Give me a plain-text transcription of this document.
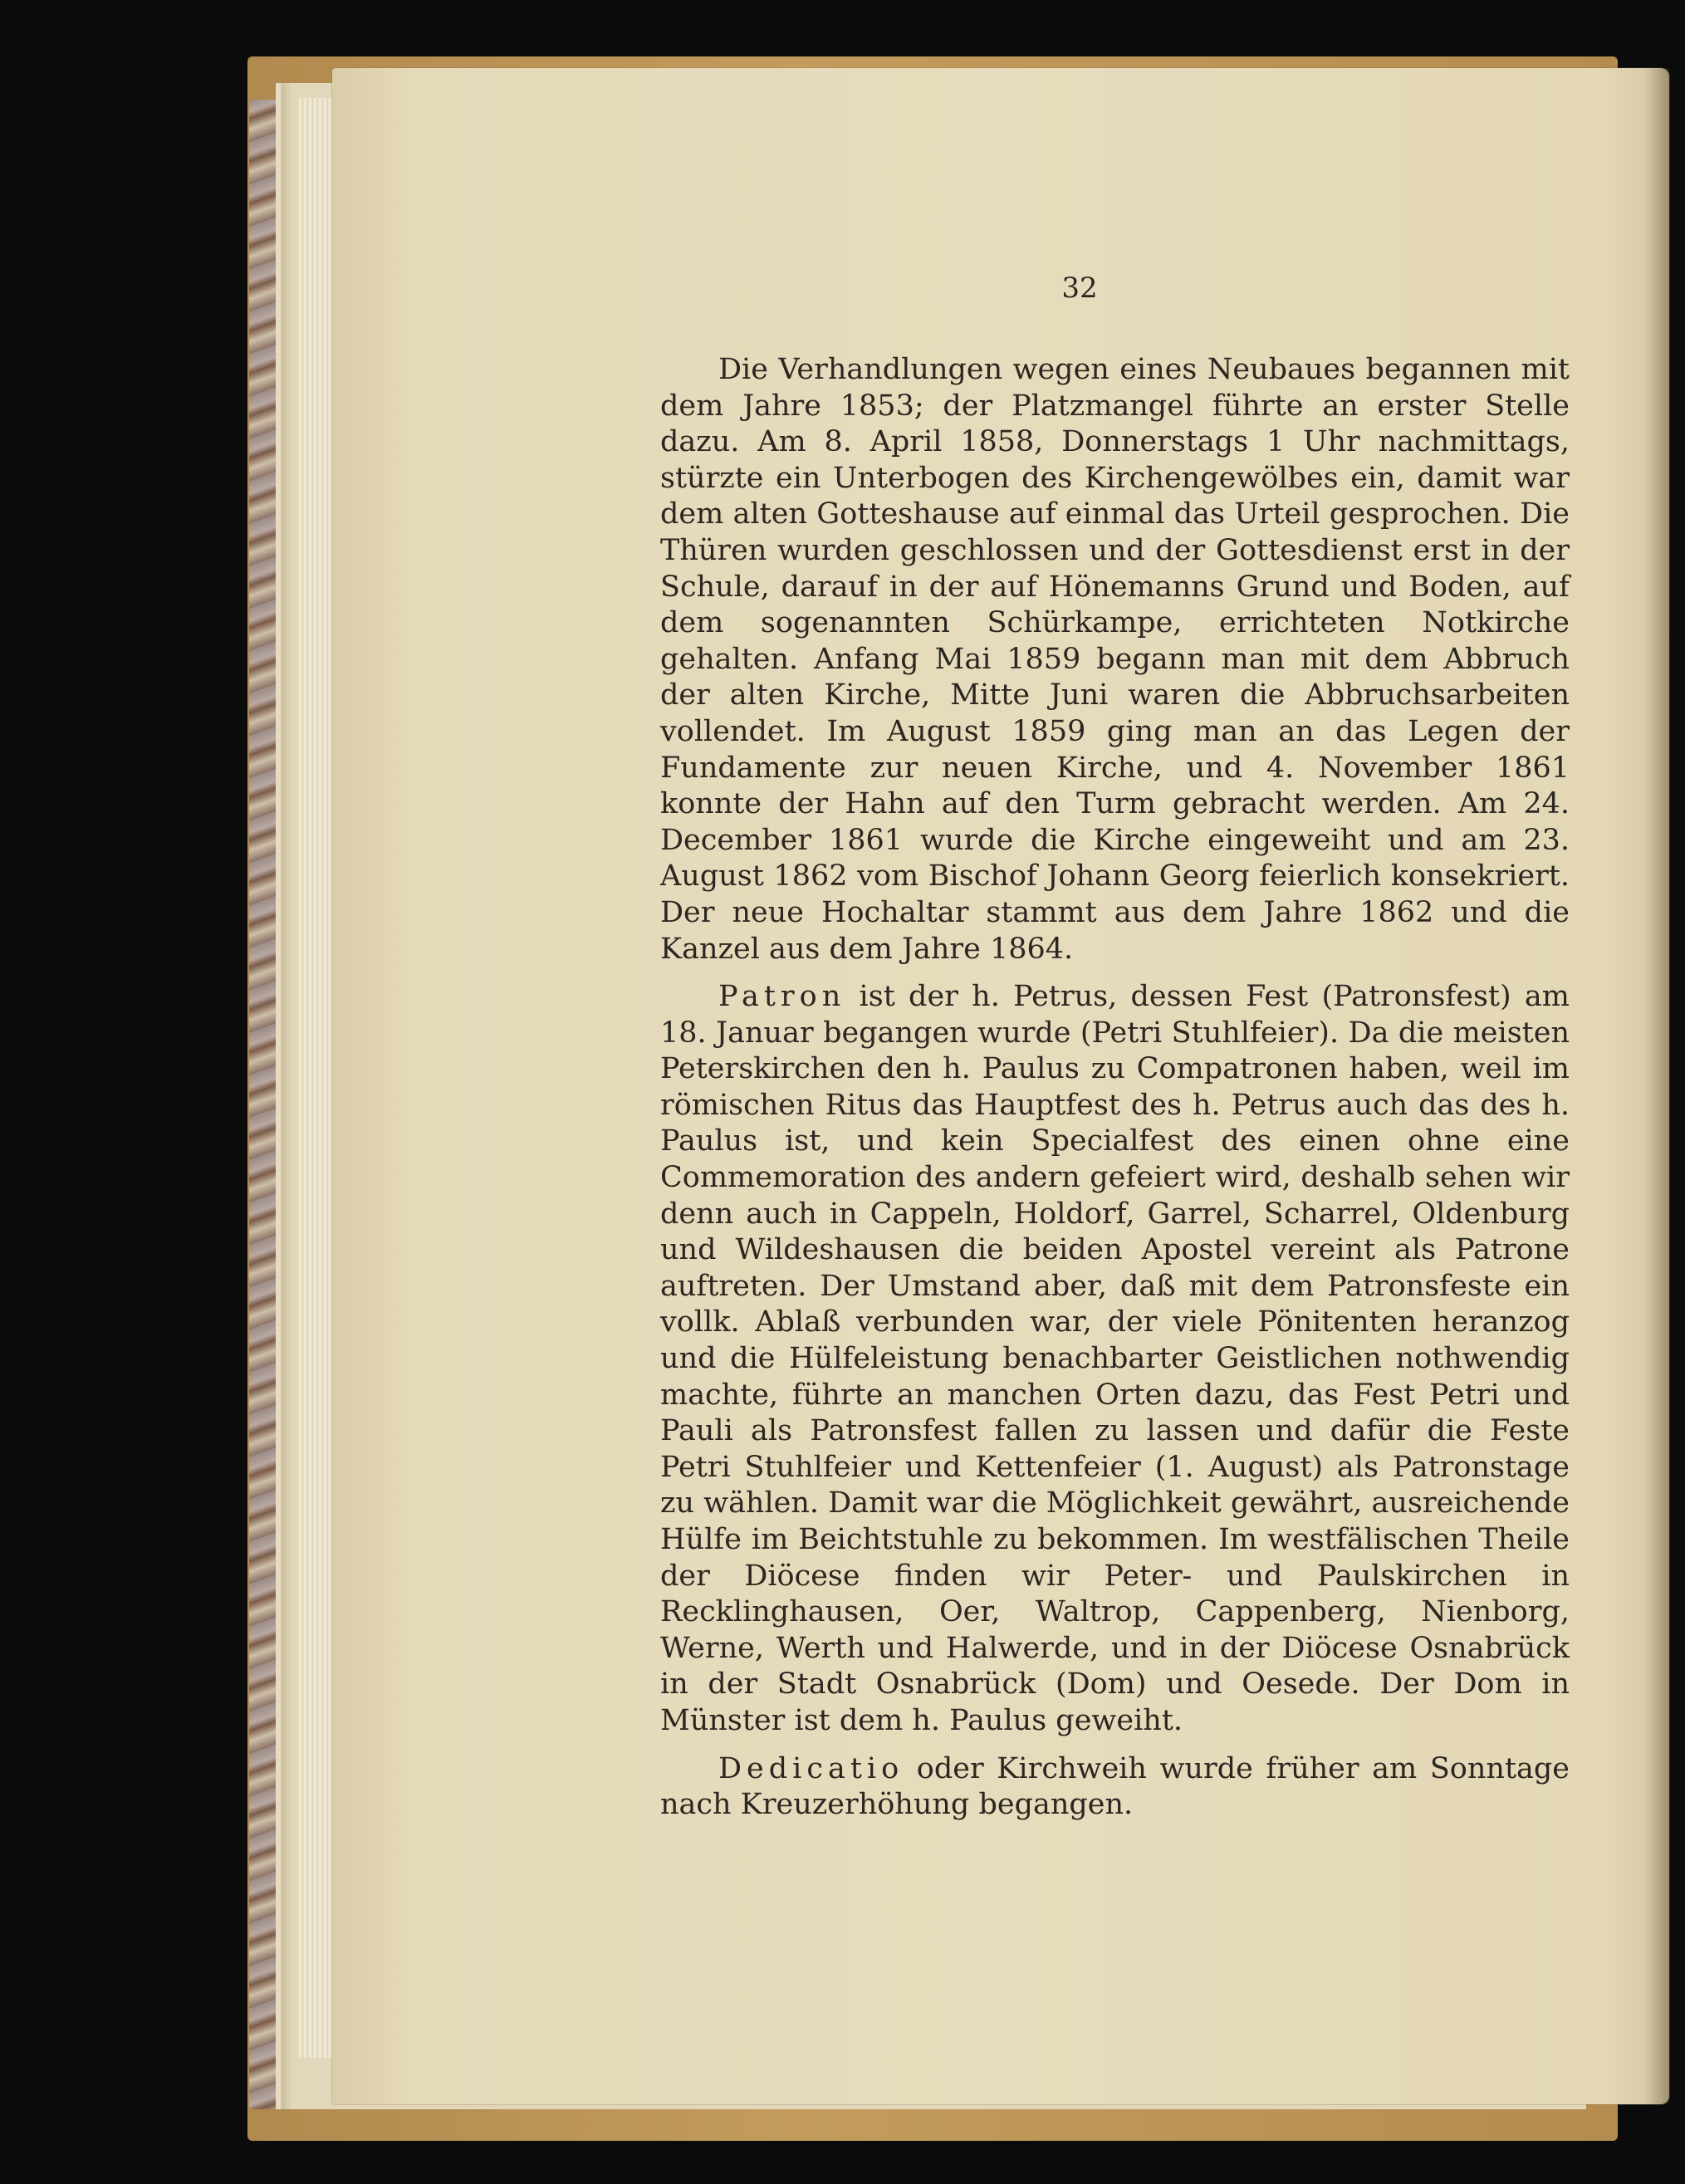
32

Die Verhandlungen wegen eines Neubaues begannen mit dem Jahre 1853; der Platzmangel führte an erster Stelle dazu. Am 8. April 1858, Donnerstags 1 Uhr nachmittags, stürzte ein Unterbogen des Kirchengewölbes ein, damit war dem alten Gotteshause auf einmal das Urteil gesprochen. Die Thüren wurden geschlossen und der Gottesdienst erst in der Schule, darauf in der auf Hönemanns Grund und Boden, auf dem sogenannten Schürkampe, errichteten Notkirche gehalten. Anfang Mai 1859 begann man mit dem Abbruch der alten Kirche, Mitte Juni waren die Abbruchsarbeiten vollendet. Im August 1859 ging man an das Legen der Fundamente zur neuen Kirche, und 4. November 1861 konnte der Hahn auf den Turm gebracht werden. Am 24. December 1861 wurde die Kirche eingeweiht und am 23. August 1862 vom Bischof Johann Georg feierlich konsekriert. Der neue Hochaltar stammt aus dem Jahre 1862 und die Kanzel aus dem Jahre 1864.

Patron ist der h. Petrus, dessen Fest (Patronsfest) am 18. Januar begangen wurde (Petri Stuhlfeier). Da die meisten Peterskirchen den h. Paulus zu Compatronen haben, weil im römischen Ritus das Hauptfest des h. Petrus auch das des h. Paulus ist, und kein Specialfest des einen ohne eine Commemoration des andern gefeiert wird, deshalb sehen wir denn auch in Cappeln, Holdorf, Garrel, Scharrel, Oldenburg und Wildeshausen die beiden Apostel vereint als Patrone auftreten. Der Umstand aber, daß mit dem Patronsfeste ein vollk. Ablaß verbunden war, der viele Pönitenten heranzog und die Hülfeleistung benachbarter Geistlichen nothwendig machte, führte an manchen Orten dazu, das Fest Petri und Pauli als Patronsfest fallen zu lassen und dafür die Feste Petri Stuhlfeier und Kettenfeier (1. August) als Patronstage zu wählen. Damit war die Möglichkeit gewährt, ausreichende Hülfe im Beichtstuhle zu bekommen. Im westfälischen Theile der Diöcese finden wir Peter- und Paulskirchen in Recklinghausen, Oer, Waltrop, Cappenberg, Nienborg, Werne, Werth und Halwerde, und in der Diöcese Osnabrück in der Stadt Osnabrück (Dom) und Oesede. Der Dom in Münster ist dem h. Paulus geweiht.

Dedicatio oder Kirchweih wurde früher am Sonntage nach Kreuzerhöhung begangen.
